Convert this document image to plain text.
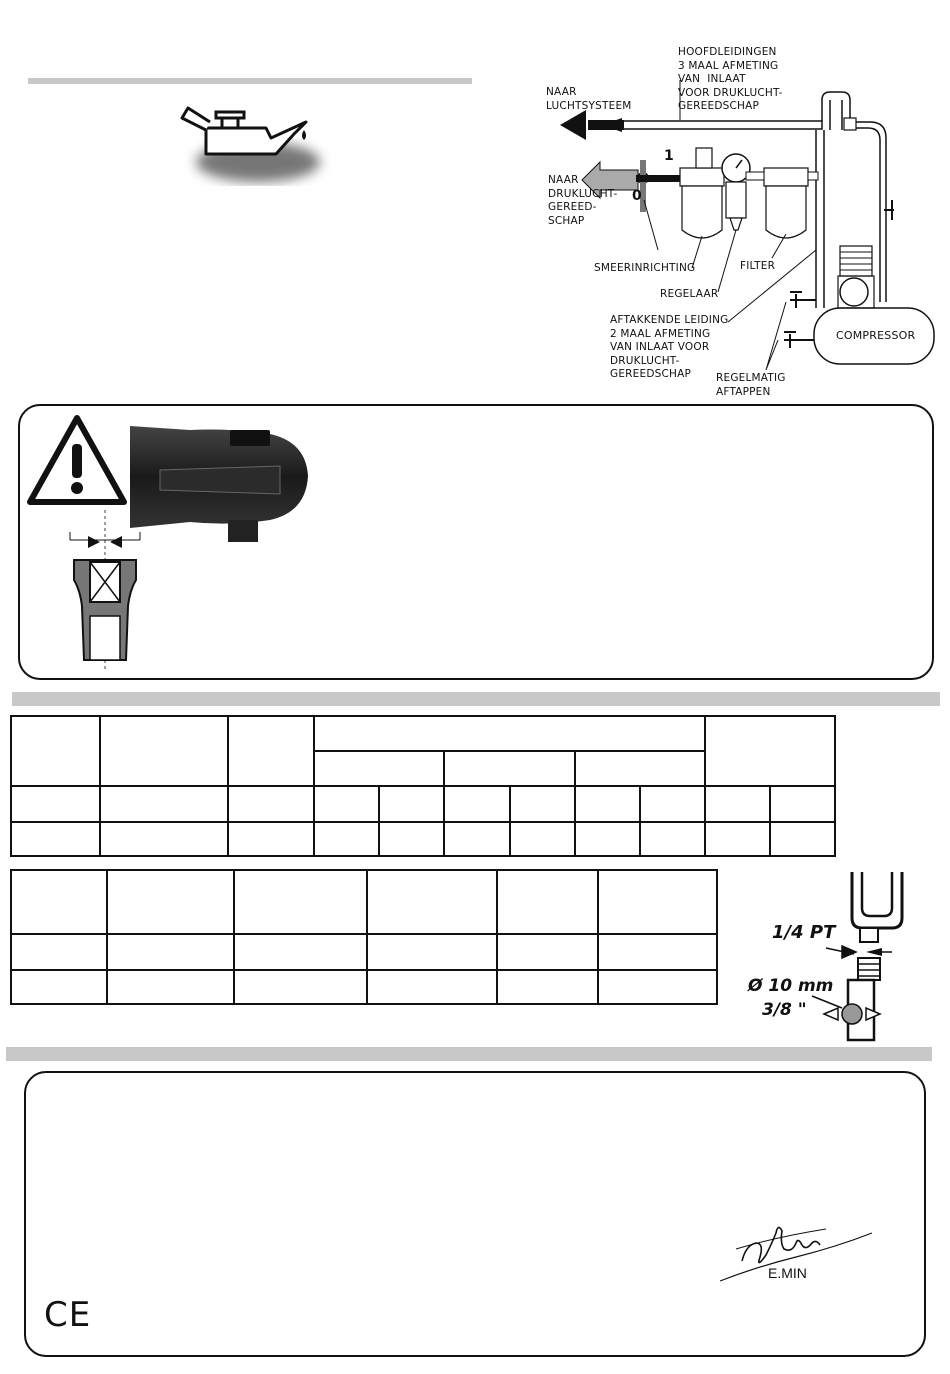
HOOFDLEIDINGEN
3 MAAL AFMETING
VAN  INLAAT
VOOR DRUKLUCHT-
GEREEDSCHAP
NAAR
LUCHTSYSTEEM
NAAR
DRUKLUCHT-
GEREED-
SCHAP
1
0
SMEERINRICHTING	FILTER
REGELAAR
AFTAKKENDE LEIDING
2 MAAL AFMETING
VAN INLAAT VOOR
DRUKLUCHT-
GEREEDSCHAP
COMPRESSOR
REGELMATIG
AFTAPPEN

1/4 PT
Ø 10 mm
3/8 "
E.MIN
CE
